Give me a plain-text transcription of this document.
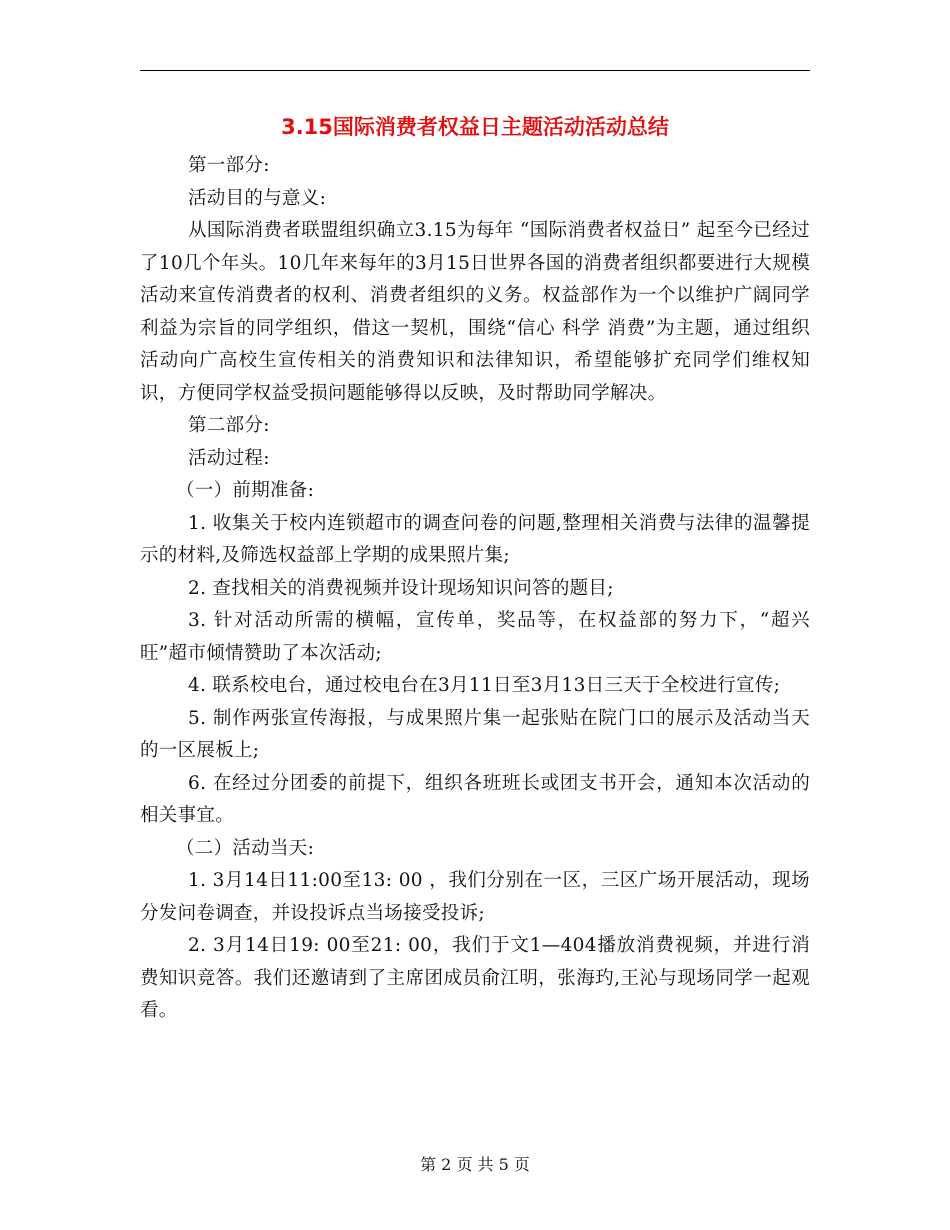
3.15国际消费者权益日主题活动活动总结

第一部分:

活动目的与意义:

从国际消费者联盟组织确立3.15为每年 “国际消费者权益日” 起至今已经过了10几个年头。10几年来每年的3月15日世界各国的消费者组织都要进行大规模活动来宣传消费者的权利、消费者组织的义务。权益部作为一个以维护广阔同学利益为宗旨的同学组织，借这一契机，围绕“信心 科学 消费”为主题，通过组织活动向广高校生宣传相关的消费知识和法律知识，希望能够扩充同学们维权知识，方便同学权益受损问题能够得以反映，及时帮助同学解决。

第二部分:

活动过程:

（一）前期准备:

1. 收集关于校内连锁超市的调查问卷的问题,整理相关消费与法律的温馨提示的材料,及筛选权益部上学期的成果照片集;

2. 查找相关的消费视频并设计现场知识问答的题目;

3. 针对活动所需的横幅，宣传单，奖品等，在权益部的努力下，“超兴旺”超市倾情赞助了本次活动;

4. 联系校电台，通过校电台在3月11日至3月13日三天于全校进行宣传;

5. 制作两张宣传海报，与成果照片集一起张贴在院门口的展示及活动当天的一区展板上;

6. 在经过分团委的前提下，组织各班班长或团支书开会，通知本次活动的相关事宜。

（二）活动当天:

1. 3月14日11:00至13: 00 ，我们分别在一区，三区广场开展活动，现场分发问卷调查，并设投诉点当场接受投诉;

2. 3月14日19: 00至21: 00，我们于文1—404播放消费视频，并进行消费知识竞答。我们还邀请到了主席团成员俞江明，张海玓,王沁与现场同学一起观看。

第 2 页 共 5 页
